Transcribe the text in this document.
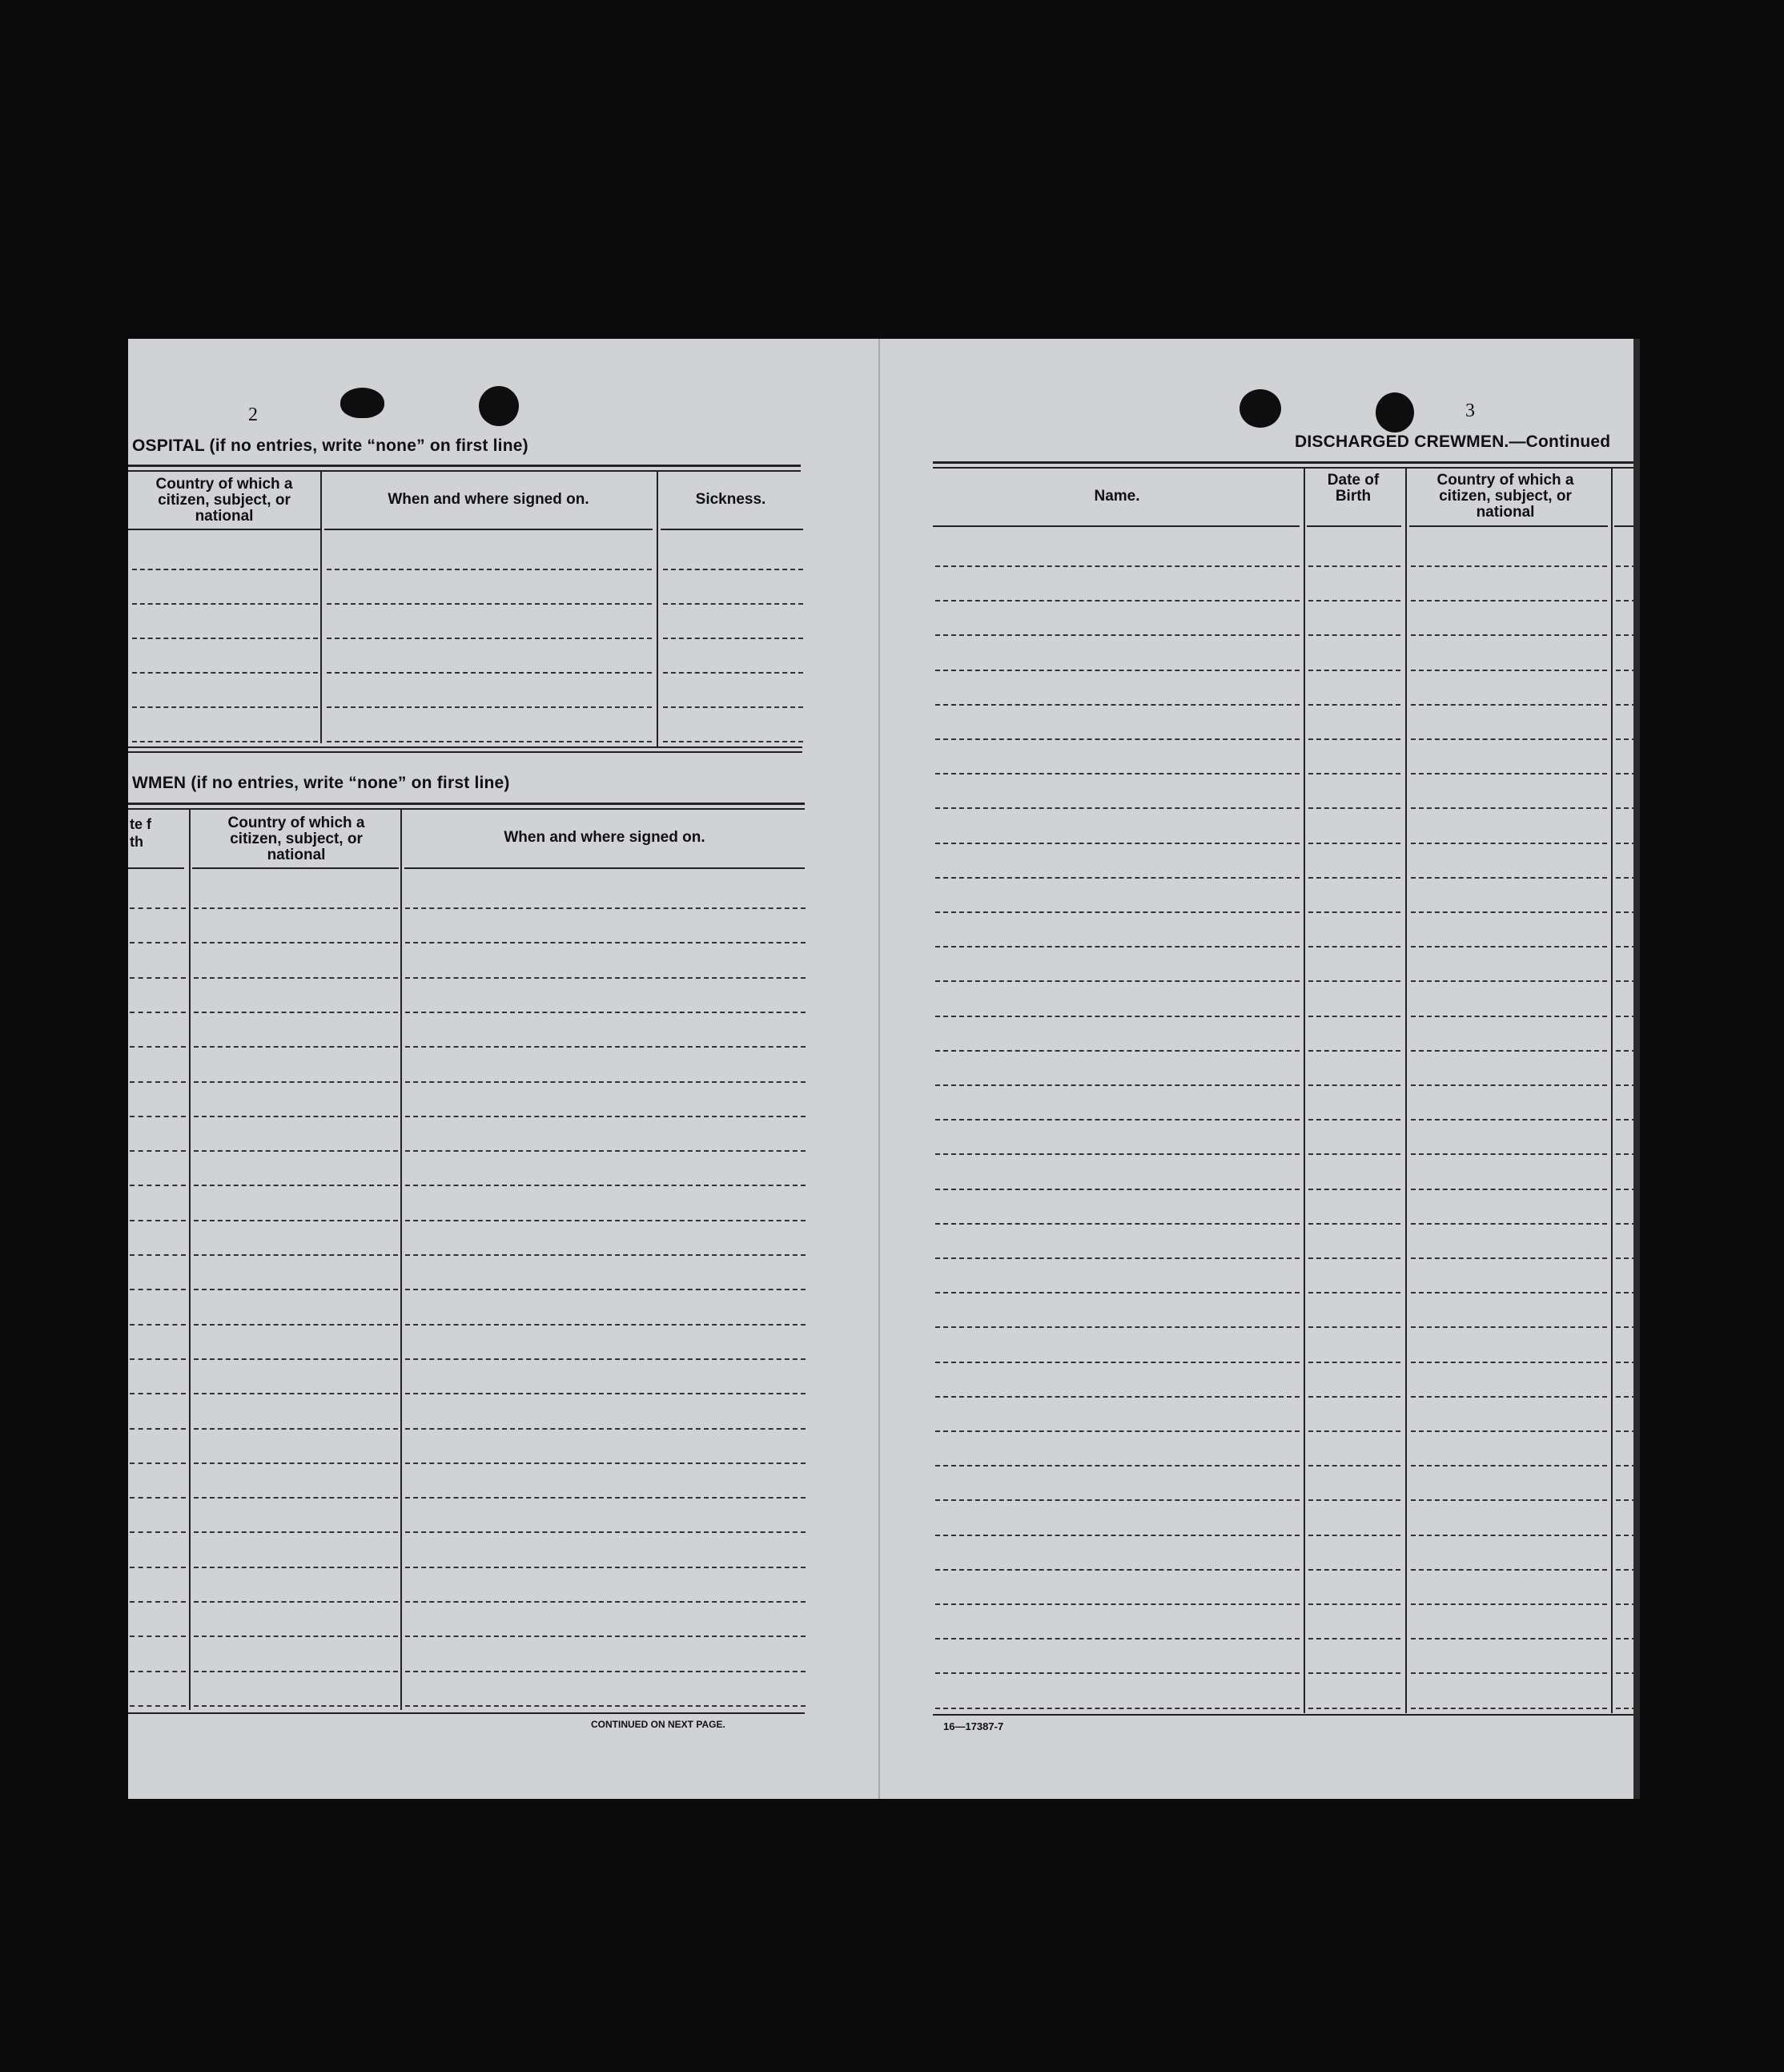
2
OSPITAL (if no entries, write “none” on first line)
Country of which a citizen, subject, or national
When and where signed on.	Sickness.
WMEN (if no entries, write “none” on first line)
te f th
Country of which a citizen, subject, or national
When and where signed on.
CONTINUED ON NEXT PAGE.
3
DISCHARGED CREWMEN.—Continued
Name.
Date of Birth
Country of which a citizen, subject, or national
16—17387-7
